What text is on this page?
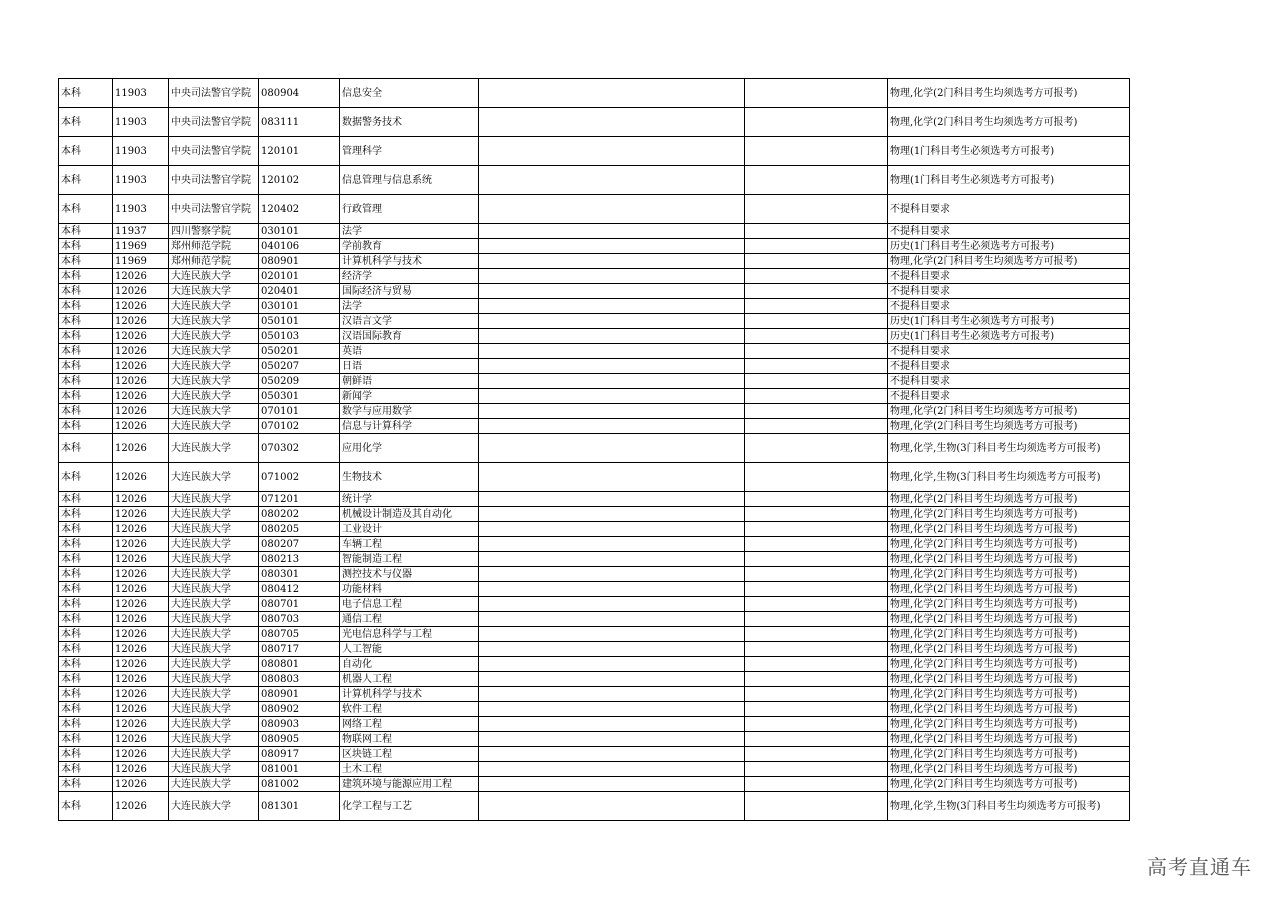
本科	11903	中央司法警官学院	080904	信息安全			物理,化学(2门科目考生均须选考方可报考)
本科	11903	中央司法警官学院	083111	数据警务技术			物理,化学(2门科目考生均须选考方可报考)
本科	11903	中央司法警官学院	120101	管理科学			物理(1门科目考生必须选考方可报考)
本科	11903	中央司法警官学院	120102	信息管理与信息系统			物理(1门科目考生必须选考方可报考)
本科	11903	中央司法警官学院	120402	行政管理			不提科目要求
本科	11937	四川警察学院	030101	法学			不提科目要求
本科	11969	郑州师范学院	040106	学前教育			历史(1门科目考生必须选考方可报考)
本科	11969	郑州师范学院	080901	计算机科学与技术			物理,化学(2门科目考生均须选考方可报考)
本科	12026	大连民族大学	020101	经济学			不提科目要求
本科	12026	大连民族大学	020401	国际经济与贸易			不提科目要求
本科	12026	大连民族大学	030101	法学			不提科目要求
本科	12026	大连民族大学	050101	汉语言文学			历史(1门科目考生必须选考方可报考)
本科	12026	大连民族大学	050103	汉语国际教育			历史(1门科目考生必须选考方可报考)
本科	12026	大连民族大学	050201	英语			不提科目要求
本科	12026	大连民族大学	050207	日语			不提科目要求
本科	12026	大连民族大学	050209	朝鲜语			不提科目要求
本科	12026	大连民族大学	050301	新闻学			不提科目要求
本科	12026	大连民族大学	070101	数学与应用数学			物理,化学(2门科目考生均须选考方可报考)
本科	12026	大连民族大学	070102	信息与计算科学			物理,化学(2门科目考生均须选考方可报考)
本科	12026	大连民族大学	070302	应用化学			物理,化学,生物(3门科目考生均须选考方可报考)
本科	12026	大连民族大学	071002	生物技术			物理,化学,生物(3门科目考生均须选考方可报考)
本科	12026	大连民族大学	071201	统计学			物理,化学(2门科目考生均须选考方可报考)
本科	12026	大连民族大学	080202	机械设计制造及其自动化			物理,化学(2门科目考生均须选考方可报考)
本科	12026	大连民族大学	080205	工业设计			物理,化学(2门科目考生均须选考方可报考)
本科	12026	大连民族大学	080207	车辆工程			物理,化学(2门科目考生均须选考方可报考)
本科	12026	大连民族大学	080213	智能制造工程			物理,化学(2门科目考生均须选考方可报考)
本科	12026	大连民族大学	080301	测控技术与仪器			物理,化学(2门科目考生均须选考方可报考)
本科	12026	大连民族大学	080412	功能材料			物理,化学(2门科目考生均须选考方可报考)
本科	12026	大连民族大学	080701	电子信息工程			物理,化学(2门科目考生均须选考方可报考)
本科	12026	大连民族大学	080703	通信工程			物理,化学(2门科目考生均须选考方可报考)
本科	12026	大连民族大学	080705	光电信息科学与工程			物理,化学(2门科目考生均须选考方可报考)
本科	12026	大连民族大学	080717	人工智能			物理,化学(2门科目考生均须选考方可报考)
本科	12026	大连民族大学	080801	自动化			物理,化学(2门科目考生均须选考方可报考)
本科	12026	大连民族大学	080803	机器人工程			物理,化学(2门科目考生均须选考方可报考)
本科	12026	大连民族大学	080901	计算机科学与技术			物理,化学(2门科目考生均须选考方可报考)
本科	12026	大连民族大学	080902	软件工程			物理,化学(2门科目考生均须选考方可报考)
本科	12026	大连民族大学	080903	网络工程			物理,化学(2门科目考生均须选考方可报考)
本科	12026	大连民族大学	080905	物联网工程			物理,化学(2门科目考生均须选考方可报考)
本科	12026	大连民族大学	080917	区块链工程			物理,化学(2门科目考生均须选考方可报考)
本科	12026	大连民族大学	081001	土木工程			物理,化学(2门科目考生均须选考方可报考)
本科	12026	大连民族大学	081002	建筑环境与能源应用工程			物理,化学(2门科目考生均须选考方可报考)
本科	12026	大连民族大学	081301	化学工程与工艺			物理,化学,生物(3门科目考生均须选考方可报考)
高考直通车
